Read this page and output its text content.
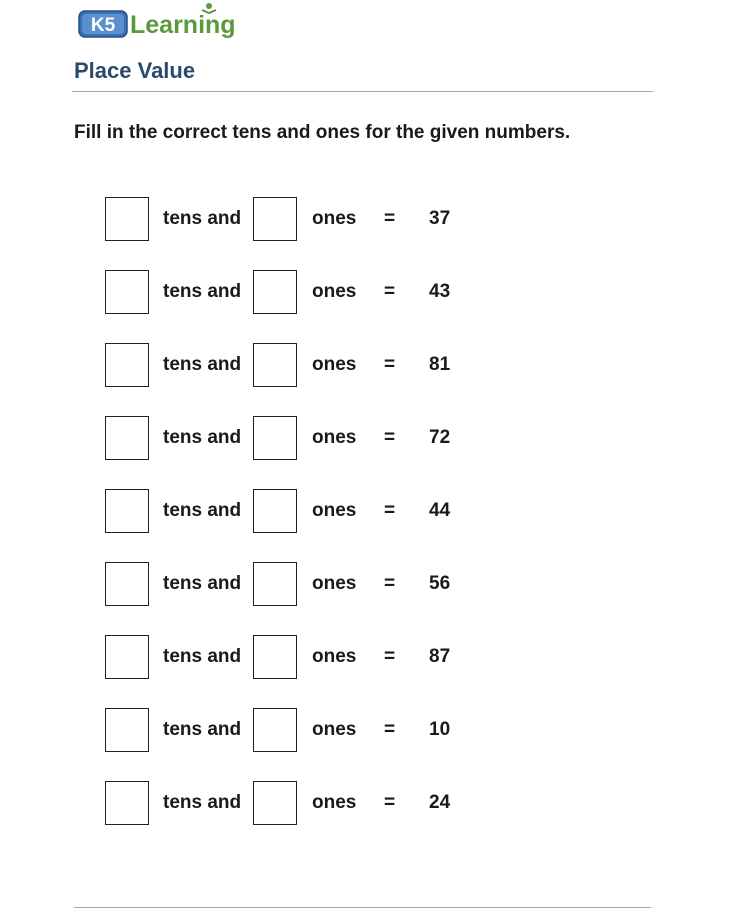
K5 Learning
Place Value
Fill in the correct tens and ones for the given numbers.
tens and	ones = 37
tens and	ones = 43
tens and	ones = 81
tens and	ones = 72
tens and	ones = 44
tens and	ones = 56
tens and	ones = 87
tens and	ones = 10
tens and	ones = 24
